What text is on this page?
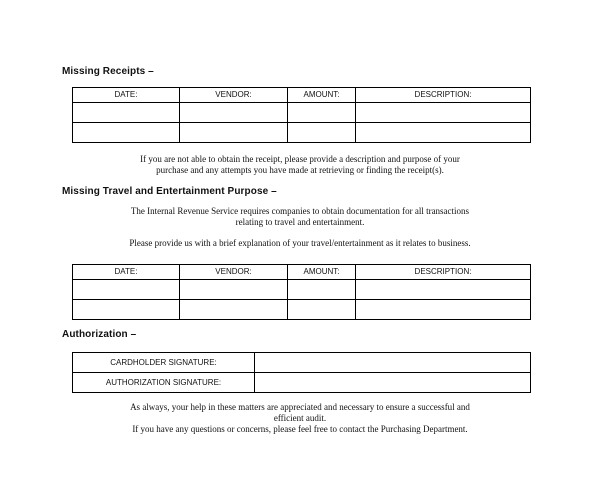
Missing Receipts –
DATE:	VENDOR:	AMOUNT:	DESCRIPTION:

If you are not able to obtain the receipt, please provide a description and purpose of your
purchase and any attempts you have made at retrieving or finding the receipt(s).
Missing Travel and Entertainment Purpose –
The Internal Revenue Service requires companies to obtain documentation for all transactions
relating to travel and entertainment.
Please provide us with a brief explanation of your travel/entertainment as it relates to business.
DATE:	VENDOR:	AMOUNT:	DESCRIPTION:

Authorization –
CARDHOLDER SIGNATURE:	
AUTHORIZATION SIGNATURE:	
As always, your help in these matters are appreciated and necessary to ensure a successful and
efficient audit.
If you have any questions or concerns, please feel free to contact the Purchasing Department.
